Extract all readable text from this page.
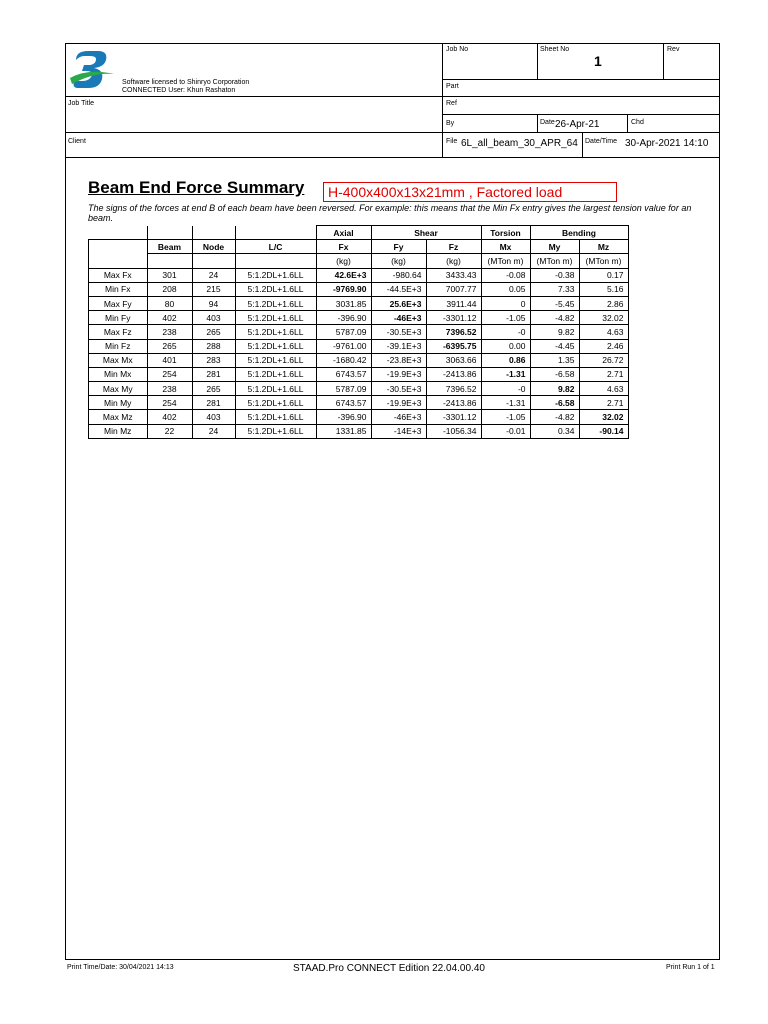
Software licensed to Shinryo Corporation
CONNECTED User: Khun Rashaton
Job No	Sheet No
1
Rev
Part
Job Title	Ref
By	Date 26-Apr-21	Chd
Client	File 6L_all_beam_30_APR_64	Date/Time 30-Apr-2021 14:10
Beam End Force Summary	H-400x400x13x21mm , Factored load
The signs of the forces at end B of each beam have been reversed. For example: this means that the Min Fx entry gives the largest tension value for an beam.
				Axial	Shear		Torsion	Bending	
	Beam	Node	L/C	Fx	Fy	Fz	Mx	My	Mz
				(kg)	(kg)	(kg)	(MTon m)	(MTon m)	(MTon m)
Max Fx	301	24	5:1.2DL+1.6LL	42.6E+3	-980.64	3433.43	-0.08	-0.38	0.17
Min Fx	208	215	5:1.2DL+1.6LL	-9769.90	-44.5E+3	7007.77	0.05	7.33	5.16
Max Fy	80	94	5:1.2DL+1.6LL	3031.85	25.6E+3	3911.44	0	-5.45	2.86
Min Fy	402	403	5:1.2DL+1.6LL	-396.90	-46E+3	-3301.12	-1.05	-4.82	32.02
Max Fz	238	265	5:1.2DL+1.6LL	5787.09	-30.5E+3	7396.52	-0	9.82	4.63
Min Fz	265	288	5:1.2DL+1.6LL	-9761.00	-39.1E+3	-6395.75	0.00	-4.45	2.46
Max Mx	401	283	5:1.2DL+1.6LL	-1680.42	-23.8E+3	3063.66	0.86	1.35	26.72
Min Mx	254	281	5:1.2DL+1.6LL	6743.57	-19.9E+3	-2413.86	-1.31	-6.58	2.71
Max My	238	265	5:1.2DL+1.6LL	5787.09	-30.5E+3	7396.52	-0	9.82	4.63
Min My	254	281	5:1.2DL+1.6LL	6743.57	-19.9E+3	-2413.86	-1.31	-6.58	2.71
Max Mz	402	403	5:1.2DL+1.6LL	-396.90	-46E+3	-3301.12	-1.05	-4.82	32.02
Min Mz	22	24	5:1.2DL+1.6LL	1331.85	-14E+3	-1056.34	-0.01	0.34	-90.14
Print Time/Date: 30/04/2021 14:13	STAAD.Pro CONNECT Edition 22.04.00.40	Print Run 1 of 1
